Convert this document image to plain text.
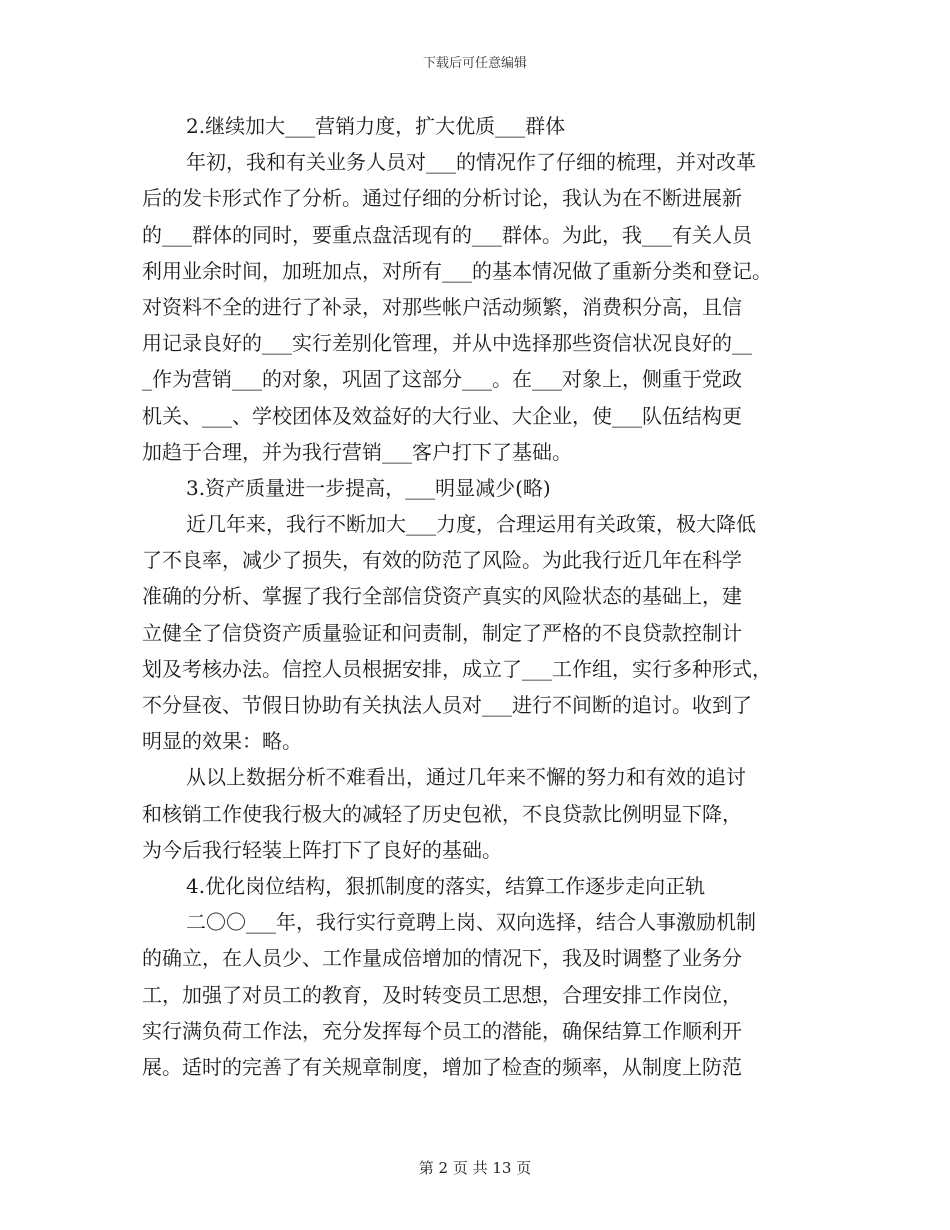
下载后可任意编辑
2.继续加大___营销力度，扩大优质___群体
年初，我和有关业务人员对___的情况作了仔细的梳理，并对改革
后的发卡形式作了分析。通过仔细的分析讨论，我认为在不断进展新
的___群体的同时，要重点盘活现有的___群体。为此，我___有关人员
利用业余时间，加班加点，对所有___的基本情况做了重新分类和登记。
对资料不全的进行了补录，对那些帐户活动频繁，消费积分高，且信
用记录良好的___实行差别化管理，并从中选择那些资信状况良好的__
_作为营销___的对象，巩固了这部分___。在___对象上，侧重于党政
机关、___、学校团体及效益好的大行业、大企业，使___队伍结构更
加趋于合理，并为我行营销___客户打下了基础。
3.资产质量进一步提高，___明显减少(略)
近几年来，我行不断加大___力度，合理运用有关政策，极大降低
了不良率，减少了损失，有效的防范了风险。为此我行近几年在科学
准确的分析、掌握了我行全部信贷资产真实的风险状态的基础上，建
立健全了信贷资产质量验证和问责制，制定了严格的不良贷款控制计
划及考核办法。信控人员根据安排，成立了___工作组，实行多种形式，
不分昼夜、节假日协助有关执法人员对___进行不间断的追讨。收到了
明显的效果：略。
从以上数据分析不难看出，通过几年来不懈的努力和有效的追讨
和核销工作使我行极大的减轻了历史包袱，不良贷款比例明显下降，
为今后我行轻装上阵打下了良好的基础。
4.优化岗位结构，狠抓制度的落实，结算工作逐步走向正轨
二〇〇___年，我行实行竟聘上岗、双向选择，结合人事激励机制
的确立，在人员少、工作量成倍增加的情况下，我及时调整了业务分
工，加强了对员工的教育，及时转变员工思想，合理安排工作岗位，
实行满负荷工作法，充分发挥每个员工的潜能，确保结算工作顺利开
展。适时的完善了有关规章制度，增加了检查的频率，从制度上防范
第 2 页 共 13 页
